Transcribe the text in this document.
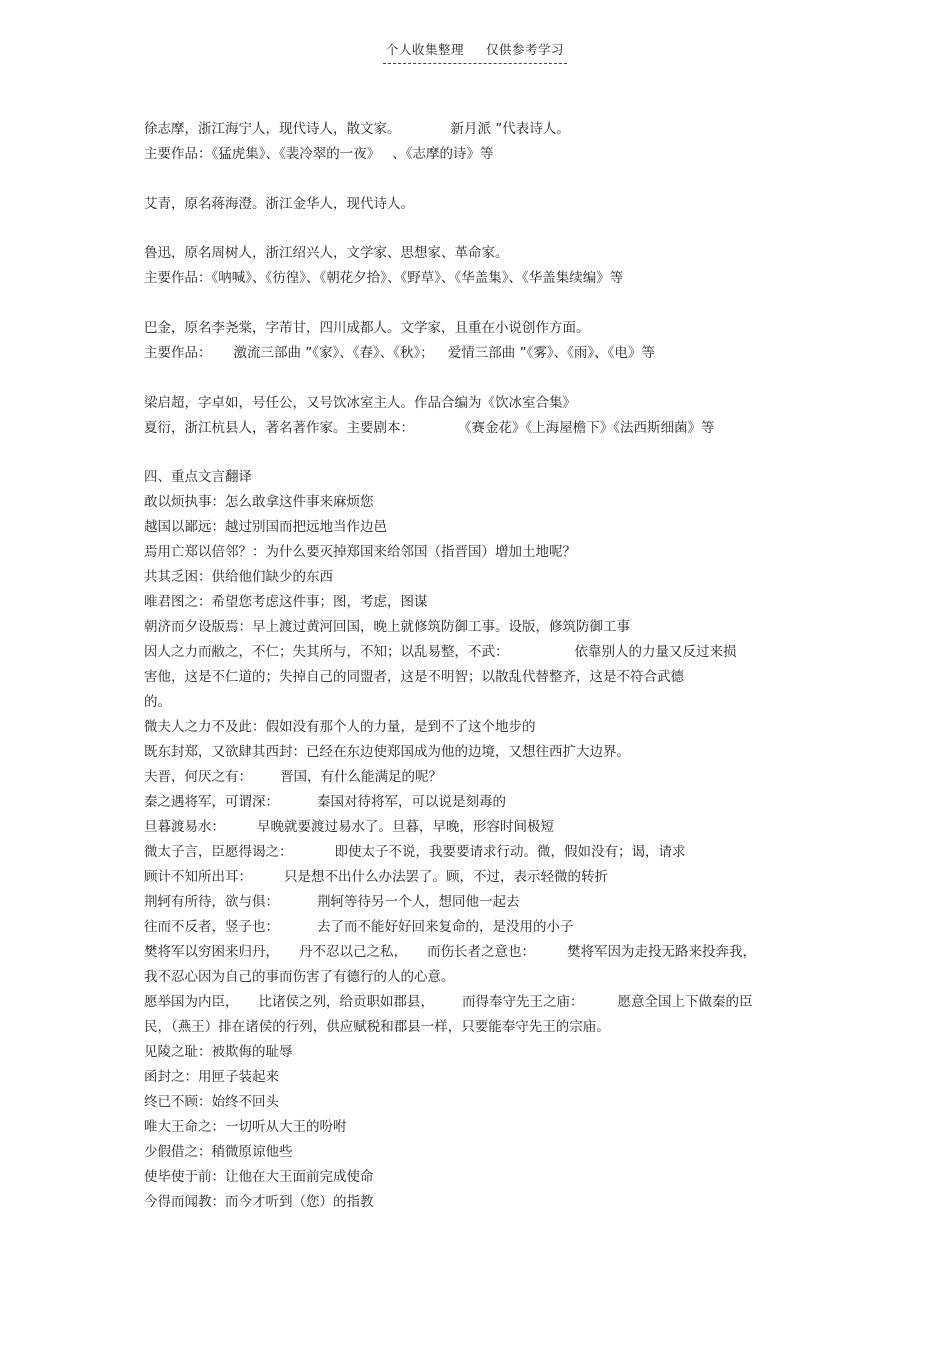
个人收集整理 仅供参考学习
徐志摩，浙江海宁人，现代诗人，散文家。	新月派 ”代表诗人。
主要作品：《猛虎集》、《裴冷翠的一夜》 、《志摩的诗》等
艾青，原名蒋海澄。浙江金华人，现代诗人。
鲁迅，原名周树人，浙江绍兴人，文学家、思想家、革命家。
主要作品：《呐喊》、《彷徨》、《朝花夕拾》、《野草》、《华盖集》、《华盖集续编》等
巴金，原名李尧棠，字芾甘，四川成都人。文学家，且重在小说创作方面。
主要作品： 激流三部曲 ”《家》、《春》、《秋》； 爱情三部曲 ”《雾》、《雨》、《电》等
梁启超，字卓如，号任公，又号饮冰室主人。作品合编为《饮冰室合集》
夏衍，浙江杭县人，著名著作家。主要剧本：	《赛金花》《上海屋檐下》《法西斯细菌》等
四、重点文言翻译
敢以烦执事：怎么敢拿这件事来麻烦您
越国以鄙远：越过别国而把远地当作边邑
焉用亡郑以倍邻？：为什么要灭掉郑国来给邻国（指晋国）增加土地呢？
共其乏困：供给他们缺少的东西
唯君图之：希望您考虑这件事；图，考虑，图谋
朝济而夕设版焉：早上渡过黄河回国，晚上就修筑防御工事。设版，修筑防御工事
因人之力而敝之，不仁；失其所与，不知；以乱易整，不武：	依靠别人的力量又反过来损
害他，这是不仁道的；失掉自己的同盟者，这是不明智；以散乱代替整齐，这是不符合武德
的。
微夫人之力不及此：假如没有那个人的力量，是到不了这个地步的
既东封郑，又欲肆其西封：已经在东边使郑国成为他的边境，又想往西扩大边界。
夫晋，何厌之有： 晋国，有什么能满足的呢？
秦之遇将军，可谓深：	秦国对待将军，可以说是刻毒的
旦暮渡易水： 早晚就要渡过易水了。旦暮，早晚，形容时间极短
微太子言，臣愿得谒之：	即使太子不说，我要要请求行动。微，假如没有；谒，请求
顾计不知所出耳： 只是想不出什么办法罢了。顾，不过，表示轻微的转折
荆轲有所待，欲与俱：	荆轲等待另一个人，想同他一起去
往而不反者，竖子也：	去了而不能好好回来复命的，是没用的小子
樊将军以穷困来归丹， 丹不忍以己之私， 而伤长者之意也： 樊将军因为走投无路来投奔我，
我不忍心因为自己的事而伤害了有德行的人的心意。
愿举国为内臣， 比诸侯之列，给贡职如郡县， 而得奉守先王之庙：	愿意全国上下做秦的臣
民，（燕王）排在诸侯的行列，供应赋税和郡县一样，只要能奉守先王的宗庙。
见陵之耻：被欺侮的耻辱
函封之：用匣子装起来
终已不顾：始终不回头
唯大王命之：一切听从大王的吩咐
少假借之：稍微原谅他些
使毕使于前：让他在大王面前完成使命
今得而闻教：而今才听到（您）的指教
